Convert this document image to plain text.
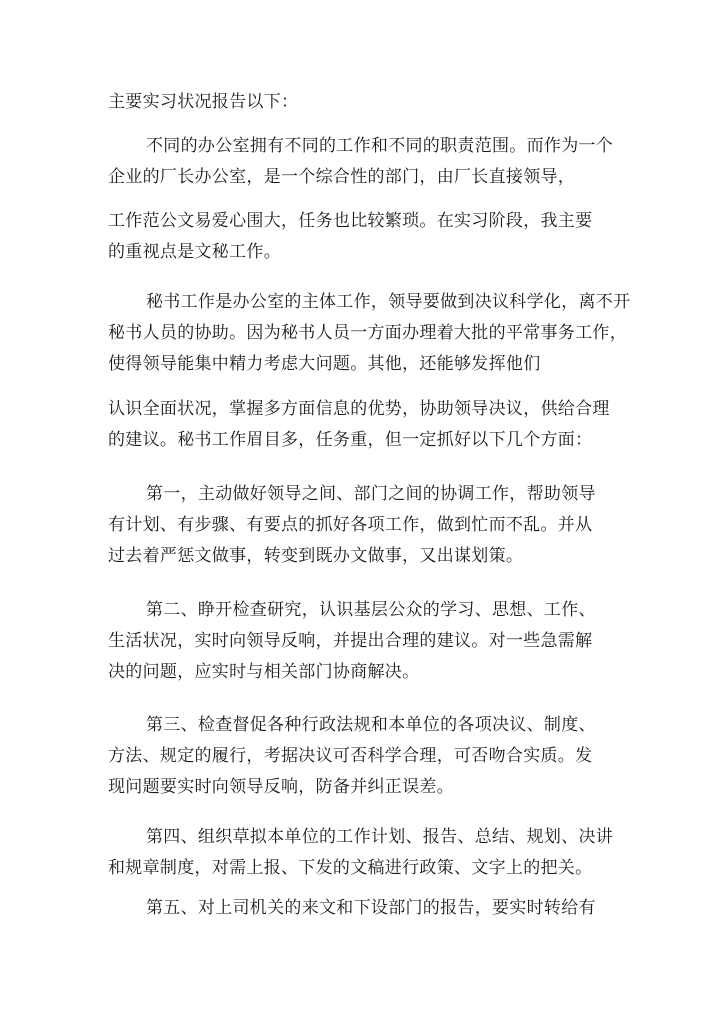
主要实习状况报告以下：
不同的办公室拥有不同的工作和不同的职责范围。而作为一个
企业的厂长办公室，是一个综合性的部门，由厂长直接领导，
工作范公文易爱心围大，任务也比较繁琐。在实习阶段，我主要
的重视点是文秘工作。
秘书工作是办公室的主体工作，领导要做到决议科学化，离不开
秘书人员的协助。因为秘书人员一方面办理着大批的平常事务工作，
使得领导能集中精力考虑大问题。其他，还能够发挥他们
认识全面状况，掌握多方面信息的优势，协助领导决议，供给合理
的建议。秘书工作眉目多，任务重，但一定抓好以下几个方面：
第一，主动做好领导之间、部门之间的协调工作，帮助领导
有计划、有步骤、有要点的抓好各项工作，做到忙而不乱。并从
过去着严惩文做事，转变到既办文做事，又出谋划策。
第二、睁开检查研究，认识基层公众的学习、思想、工作、
生活状况，实时向领导反响，并提出合理的建议。对一些急需解
决的问题，应实时与相关部门协商解决。
第三、检查督促各种行政法规和本单位的各项决议、制度、
方法、规定的履行，考据决议可否科学合理，可否吻合实质。发
现问题要实时向领导反响，防备并纠正误差。
第四、组织草拟本单位的工作计划、报告、总结、规划、决讲
和规章制度，对需上报、下发的文稿进行政策、文字上的把关。
第五、对上司机关的来文和下设部门的报告，要实时转给有
